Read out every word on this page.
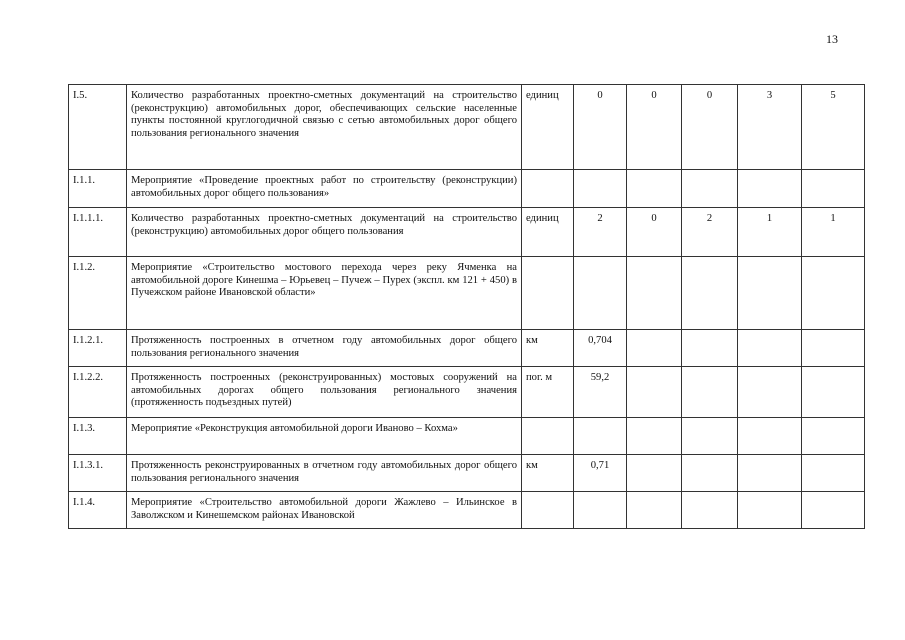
13
I.5.	Количество разработанных проектно-сметных документаций на строительство (реконструкцию) автомобильных дорог, обеспечивающих сельские населенные пункты постоянной круглогодичной связью с сетью автомобильных дорог общего пользования регионального значения	единиц	0	0	0	3	5
I.1.1.	Мероприятие «Проведение проектных работ по строительству (реконструкции) автомобильных дорог общего пользования»						
I.1.1.1.	Количество разработанных проектно-сметных документаций на строительство (реконструкцию) автомобильных дорог общего пользования	единиц	2	0	2	1	1
I.1.2.	Мероприятие «Строительство мостового перехода через реку Ячменка на автомобильной дороге Кинешма – Юрьевец – Пучеж – Пурех (экспл. км 121 + 450) в Пучежском районе Ивановской области»						
I.1.2.1.	Протяженность построенных в отчетном году автомобильных дорог общего пользования регионального значения	км	0,704				
I.1.2.2.	Протяженность построенных (реконструированных) мостовых сооружений на автомобильных дорогах общего пользования регионального значения (протяженность подъездных путей)	пог. м	59,2				
I.1.3.	Мероприятие «Реконструкция автомобильной дороги Иваново – Кохма»						
I.1.3.1.	Протяженность реконструированных в отчетном году автомобильных дорог общего пользования регионального значения	км	0,71				
I.1.4.	Мероприятие «Строительство автомобильной дороги Жажлево – Ильинское в Заволжском и Кинешемском районах Ивановской						
